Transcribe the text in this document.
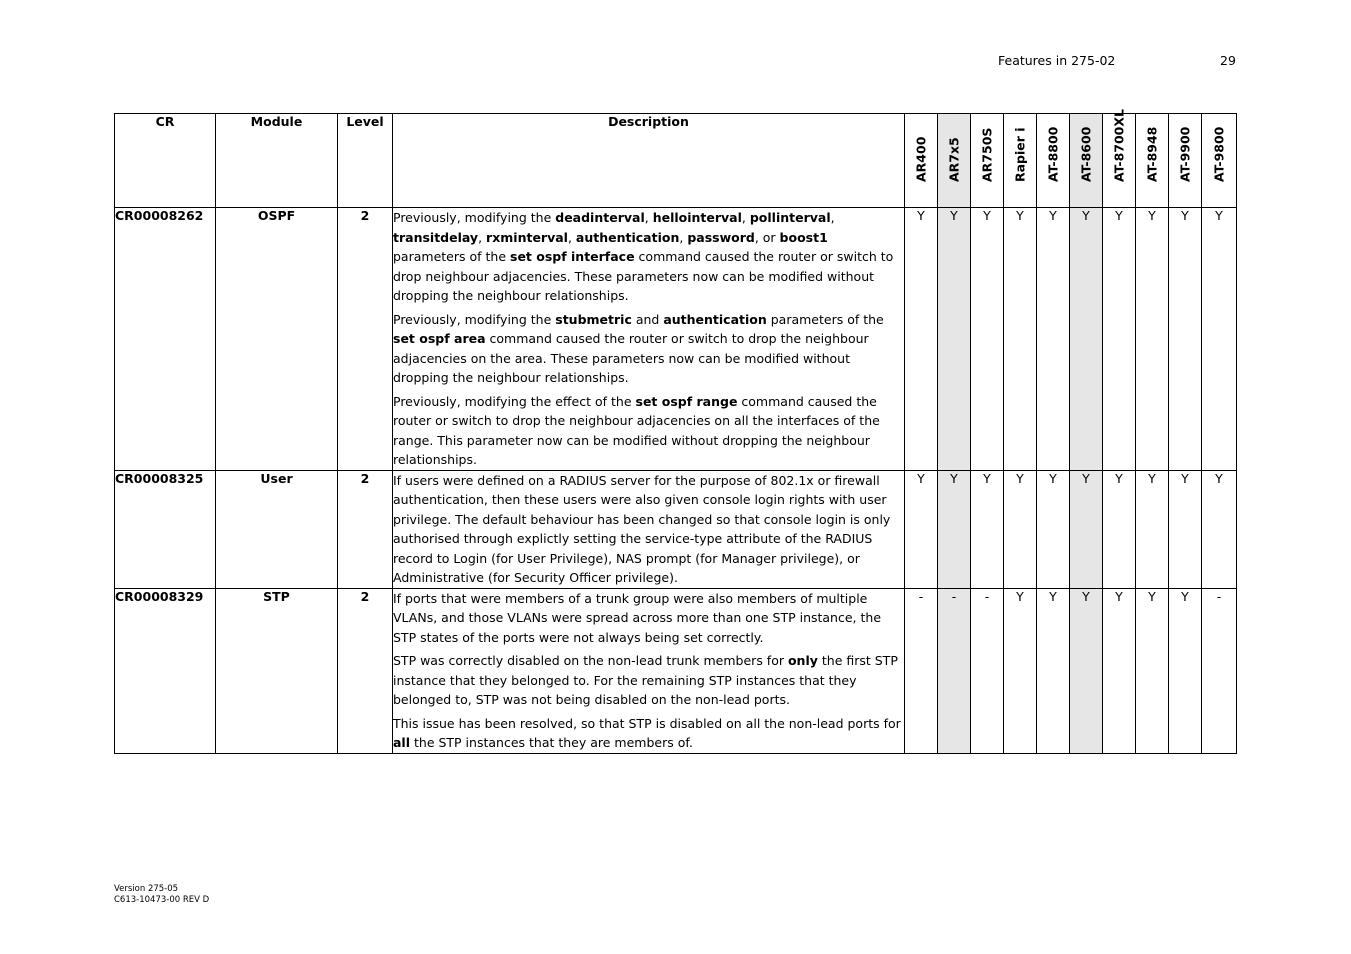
Features in 275-02	29
CR	Module	Level	Description	AR400	AR7x5	AR750S	Rapier i	AT-8800	AT-8600	AT-8700XL	AT-8948	AT-9900	AT-9800

CR00008262	OSPF	2	Previously, modifying the deadinterval, hellointerval, pollinterval, transitdelay, rxminterval, authentication, password, or boost1 parameters of the set ospf interface command caused the router or switch to drop neighbour adjacencies. These parameters now can be modified without dropping the neighbour relationships.

Previously, modifying the stubmetric and authentication parameters of the set ospf area command caused the router or switch to drop the neighbour adjacencies on the area. These parameters now can be modified without dropping the neighbour relationships.

Previously, modifying the effect of the set ospf range command caused the router or switch to drop the neighbour adjacencies on all the interfaces of the range. This parameter now can be modified without dropping the neighbour relationships.	Y	Y	Y	Y	Y	Y	Y	Y	Y	Y
CR00008325	User	2	If users were defined on a RADIUS server for the purpose of 802.1x or firewall authentication, then these users were also given console login rights with user privilege. The default behaviour has been changed so that console login is only authorised through explictly setting the service-type attribute of the RADIUS record to Login (for User Privilege), NAS prompt (for Manager privilege), or Administrative (for Security Officer privilege).	Y	Y	Y	Y	Y	Y	Y	Y	Y	Y
CR00008329	STP	2	If ports that were members of a trunk group were also members of multiple VLANs, and those VLANs were spread across more than one STP instance, the STP states of the ports were not always being set correctly.

STP was correctly disabled on the non-lead trunk members for only the first STP instance that they belonged to. For the remaining STP instances that they belonged to, STP was not being disabled on the non-lead ports.

This issue has been resolved, so that STP is disabled on all the non-lead ports for all the STP instances that they are members of.	-	-	-	Y	Y	Y	Y	Y	Y	-
Version 275-05
C613-10473-00 REV D
